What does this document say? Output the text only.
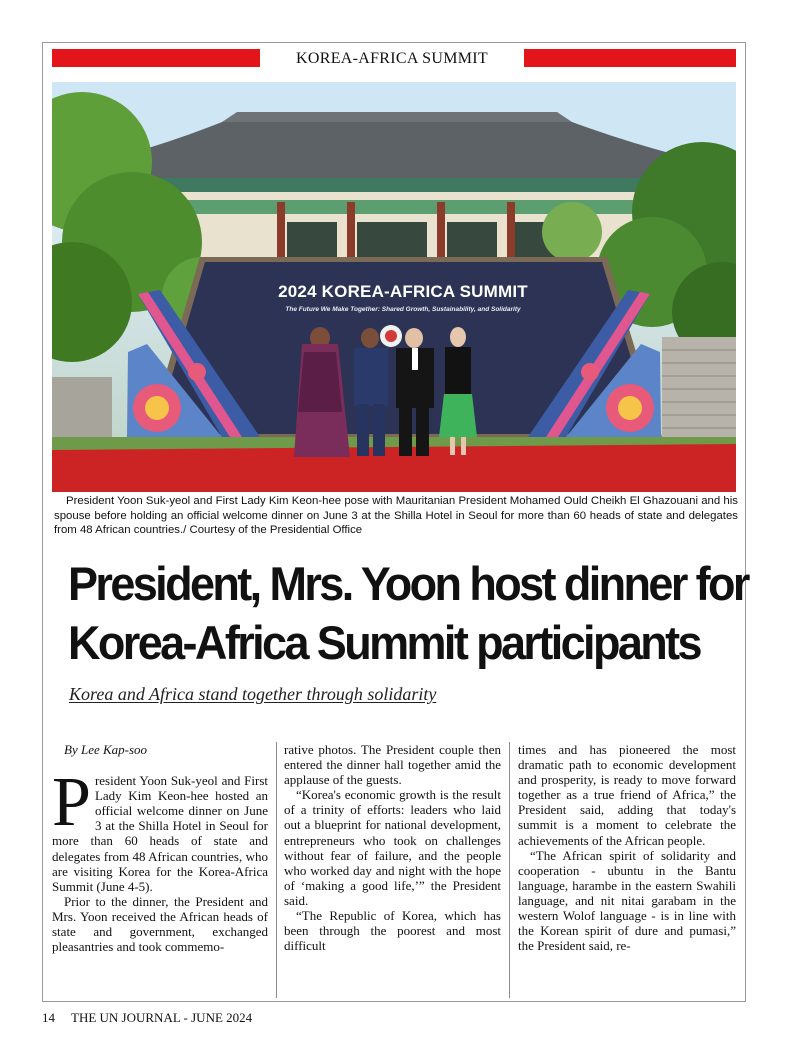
KOREA-AFRICA SUMMIT
2024 KOREA-AFRICA SUMMIT
The Future We Make Together: Shared Growth, Sustainability, and Solidarity
President Yoon Suk-yeol and First Lady Kim Keon-hee pose with Mauritanian President Mohamed Ould Cheikh El Ghazouani and his spouse before holding an official welcome dinner on June 3 at the Shilla Hotel in Seoul for more than 60 heads of state and delegates from 48 African countries./ Courtesy of the Presidential Office
President, Mrs. Yoon host dinner for
Korea-Africa Summit participants
Korea and Africa stand together through solidarity

By Lee Kap-soo

President Yoon Suk-yeol and First Lady Kim Keon-hee hosted an official welcome dinner on June 3 at the Shilla Hotel in Seoul for more than 60 heads of state and delegates from 48 African countries, who are visiting Korea for the Korea-Africa Summit (June 4-5).

Prior to the dinner, the President and Mrs. Yoon received the African heads of state and government, exchanged pleasantries and took commemo-

rative photos. The President couple then entered the dinner hall together amid the applause of the guests.

“Korea's economic growth is the result of a trinity of efforts: leaders who laid out a blueprint for national development, entrepreneurs who took on challenges without fear of failure, and the people who worked day and night with the hope of ‘making a good life,’” the President said.

“The Republic of Korea, which has been through the poorest and most difficult

times and has pioneered the most dramatic path to economic development and prosperity, is ready to move forward together as a true friend of Africa,” the President said, adding that today's summit is a moment to celebrate the achievements of the African people.

“The African spirit of solidarity and cooperation - ubuntu in the Bantu language, harambe in the eastern Swahili language, and nit nitai garabam in the western Wolof language - is in line with the Korean spirit of dure and pumasi,” the President said, re-

14 THE UN JOURNAL - JUNE 2024
